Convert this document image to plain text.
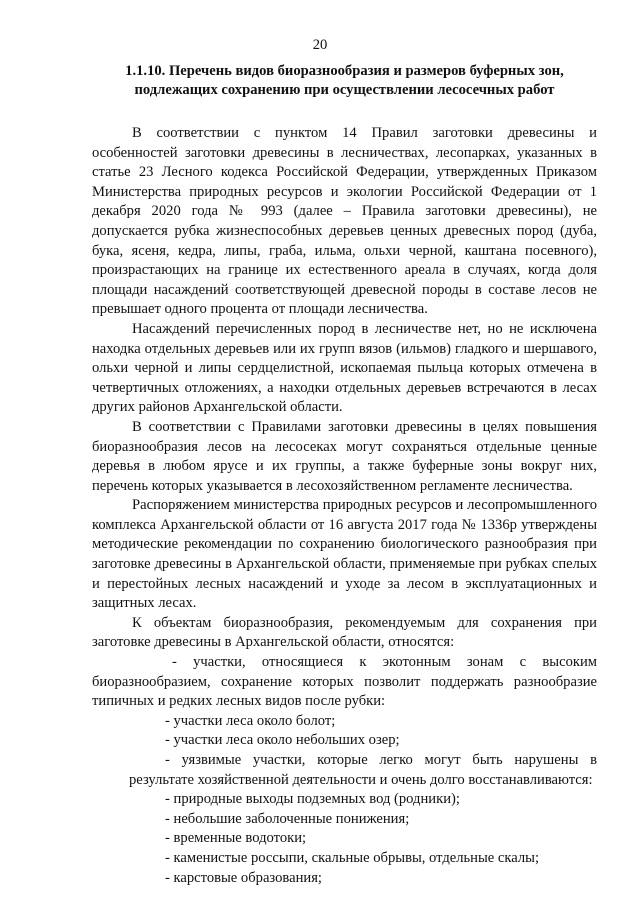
20
1.1.10. Перечень видов биоразнообразия и размеров буферных зон,
подлежащих сохранению при осуществлении лесосечных работ

В соответствии с пунктом 14 Правил заготовки древесины и особенностей заготовки древесины в лесничествах, лесопарках, указанных в статье 23 Лесного кодекса Российской Федерации, утвержденных Приказом Министерства природных ресурсов и экологии Российской Федерации от 1 декабря 2020 года № 993 (далее – Правила заготовки древесины), не допускается рубка жизнеспособных деревьев ценных древесных пород (дуба, бука, ясеня, кедра, липы, граба, ильма, ольхи черной, каштана посевного), произрастающих на границе их естественного ареала в случаях, когда доля площади насаждений соответствующей древесной породы в составе лесов не превышает одного процента от площади лесничества.

Насаждений перечисленных пород в лесничестве нет, но не исключена находка отдельных деревьев или их групп вязов (ильмов) гладкого и шершавого, ольхи черной и липы сердцелистной, ископаемая пыльца которых отмечена в четвертичных отложениях, а находки отдельных деревьев встречаются в лесах других районов Архангельской области.

В соответствии с Правилами заготовки древесины в целях повышения биоразнообразия лесов на лесосеках могут сохраняться отдельные ценные деревья в любом ярусе и их группы, а также буферные зоны вокруг них, перечень которых указывается в лесохозяйственном регламенте лесничества.

Распоряжением министерства природных ресурсов и лесопромышленного комплекса Архангельской области от 16 августа 2017 года № 1336р утверждены методические рекомендации по сохранению биологического разнообразия при заготовке древесины в Архангельской области, применяемые при рубках спелых и перестойных лесных насаждений и уходе за лесом в эксплуатационных и защитных лесах.

К объектам биоразнообразия, рекомендуемым для сохранения при заготовке древесины в Архангельской области, относятся:

- участки, относящиеся к экотонным зонам с высоким биоразнообразием, сохранение которых позволит поддержать разнообразие типичных и редких лесных видов после рубки:

- участки леса около болот;

- участки леса около небольших озер;

- уязвимые участки, которые легко могут быть нарушены в результате хозяйственной деятельности и очень долго восстанавливаются:

- природные выходы подземных вод (родники);

- небольшие заболоченные понижения;

- временные водотоки;

- каменистые россыпи, скальные обрывы, отдельные скалы;

- карстовые образования;
